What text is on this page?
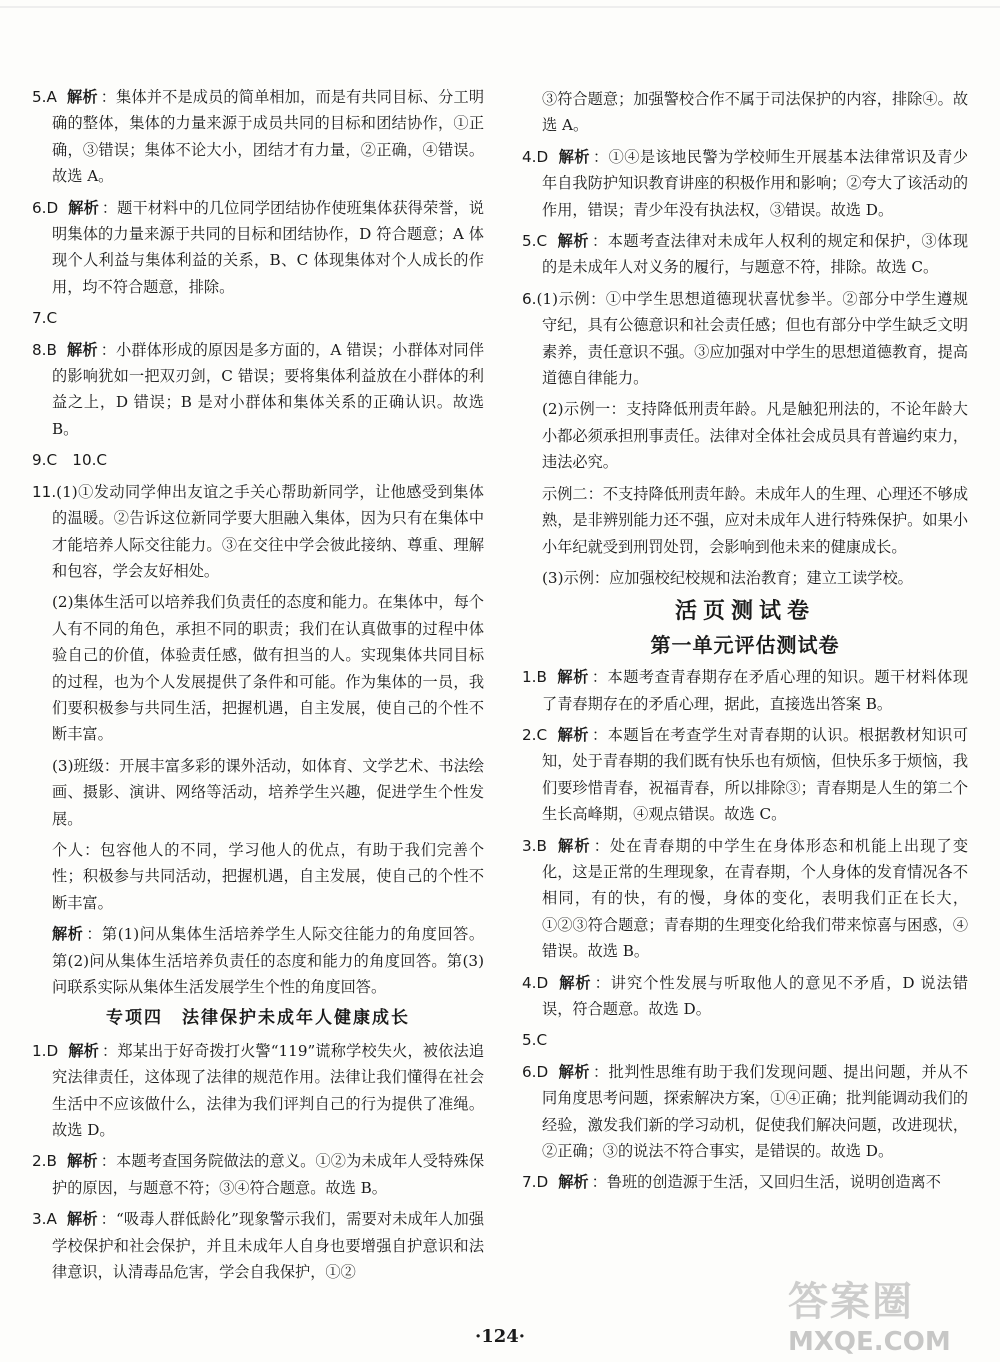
5.A 解析 ：集体并不是成员的简单相加，而是有共同目标、分工明确的整体，集体的力量来源于成员共同的目标和团结协作，①正确，③错误；集体不论大小，团结才有力量，②正确，④错误。故选 A。
6.D 解析 ：题干材料中的几位同学团结协作使班集体获得荣誉，说明集体的力量来源于共同的目标和团结协作，D 符合题意；A 体现个人利益与集体利益的关系，B、C 体现集体对个人成长的作用，均不符合题意，排除。
7.C
8.B 解析 ：小群体形成的原因是多方面的，A 错误；小群体对同伴的影响犹如一把双刃剑，C 错误；要将集体利益放在小群体的利益之上，D 错误；B 是对小群体和集体关系的正确认识。故选 B。
9.C　10.C
11.(1)①发动同学伸出友谊之手关心帮助新同学，让他感受到集体的温暖。②告诉这位新同学要大胆融入集体，因为只有在集体中才能培养人际交往能力。③在交往中学会彼此接纳、尊重、理解和包容，学会友好相处。
(2)集体生活可以培养我们负责任的态度和能力。在集体中，每个人有不同的角色，承担不同的职责；我们在认真做事的过程中体验自己的价值，体验责任感，做有担当的人。实现集体共同目标的过程，也为个人发展提供了条件和可能。作为集体的一员，我们要积极参与共同生活，把握机遇，自主发展，使自己的个性不断丰富。
(3)班级：开展丰富多彩的课外活动，如体育、文学艺术、书法绘画、摄影、演讲、网络等活动，培养学生兴趣，促进学生个性发展。
个人：包容他人的不同，学习他人的优点，有助于我们完善个性；积极参与共同活动，把握机遇，自主发展，使自己的个性不断丰富。
解析 ：第(1)问从集体生活培养学生人际交往能力的角度回答。第(2)问从集体生活培养负责任的态度和能力的角度回答。第(3)问联系实际从集体生活发展学生个性的角度回答。
专项四　法律保护未成年人健康成长
1.D 解析 ：郑某出于好奇拨打火警“119”谎称学校失火，被依法追究法律责任，这体现了法律的规范作用。法律让我们懂得在社会生活中不应该做什么，法律为我们评判自己的行为提供了准绳。故选 D。
2.B 解析 ：本题考查国务院做法的意义。①②为未成年人受特殊保护的原因，与题意不符；③④符合题意。故选 B。
3.A 解析 ：“吸毒人群低龄化”现象警示我们，需要对未成年人加强学校保护和社会保护，并且未成年人自身也要增强自护意识和法律意识，认清毒品危害，学会自我保护，①②
③符合题意；加强警校合作不属于司法保护的内容，排除④。故选 A。
4.D 解析 ：①④是该地民警为学校师生开展基本法律常识及青少年自我防护知识教育讲座的积极作用和影响；②夸大了该活动的作用，错误；青少年没有执法权，③错误。故选 D。
5.C 解析 ：本题考查法律对未成年人权利的规定和保护，③体现的是未成年人对义务的履行，与题意不符，排除。故选 C。
6.(1)示例：①中学生思想道德现状喜忧参半。②部分中学生遵规守纪，具有公德意识和社会责任感；但也有部分中学生缺乏文明素养，责任意识不强。③应加强对中学生的思想道德教育，提高道德自律能力。
(2)示例一：支持降低刑责年龄。凡是触犯刑法的，不论年龄大小都必须承担刑事责任。法律对全体社会成员具有普遍约束力，违法必究。
示例二：不支持降低刑责年龄。未成年人的生理、心理还不够成熟，是非辨别能力还不强，应对未成年人进行特殊保护。如果小小年纪就受到刑罚处罚，会影响到他未来的健康成长。
(3)示例：应加强校纪校规和法治教育；建立工读学校。
活页测试卷
第一单元评估测试卷
1.B 解析 ：本题考查青春期存在矛盾心理的知识。题干材料体现了青春期存在的矛盾心理，据此，直接选出答案 B。
2.C 解析 ：本题旨在考查学生对青春期的认识。根据教材知识可知，处于青春期的我们既有快乐也有烦恼，但快乐多于烦恼，我们要珍惜青春，祝福青春，所以排除③；青春期是人生的第二个生长高峰期，④观点错误。故选 C。
3.B 解析 ：处在青春期的中学生在身体形态和机能上出现了变化，这是正常的生理现象，在青春期，个人身体的发育情况各不相同，有的快，有的慢，身体的变化，表明我们正在长大，①②③符合题意；青春期的生理变化给我们带来惊喜与困惑，④错误。故选 B。
4.D 解析 ：讲究个性发展与听取他人的意见不矛盾，D 说法错误，符合题意。故选 D。
5.C
6.D 解析 ：批判性思维有助于我们发现问题、提出问题，并从不同角度思考问题，探索解决方案，①④正确；批判能调动我们的经验，激发我们新的学习动机，促使我们解决问题，改进现状，②正确；③的说法不符合事实，是错误的。故选 D。
7.D 解析 ：鲁班的创造源于生活，又回归生活，说明创造离不
·124·
答案圈
MXQE.COM
